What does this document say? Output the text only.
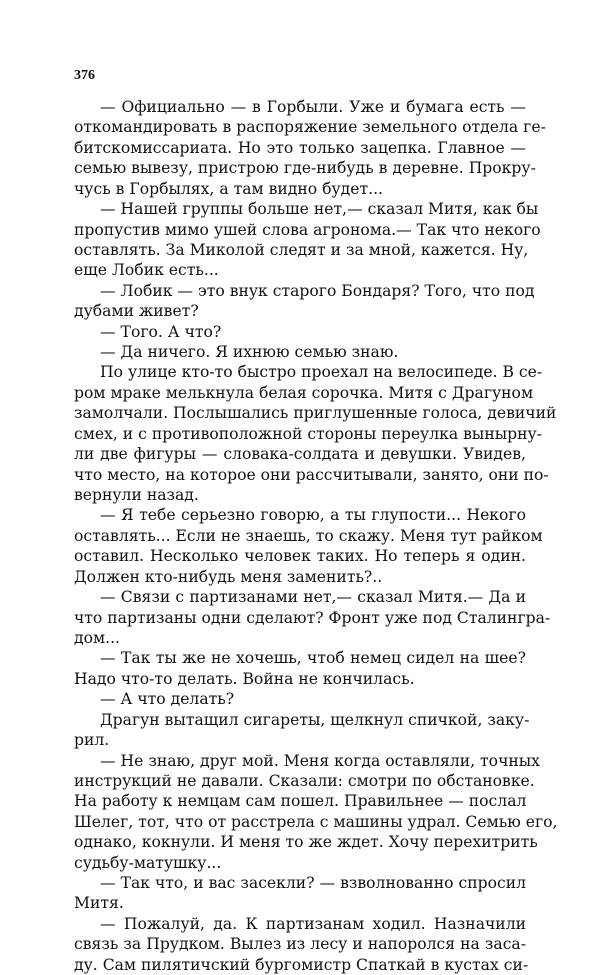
376
— Официально — в Горбыли. Уже и бумага есть —
откомандировать в распоряжение земельного отдела ге-
битскомиссариата. Но это только зацепка. Главное —
семью вывезу, пристрою где-нибудь в деревне. Прокру-
чусь в Горбылях, а там видно будет...
— Нашей группы больше нет,— сказал Митя, как бы
пропустив мимо ушей слова агронома.— Так что некого
оставлять. За Миколой следят и за мной, кажется. Ну,
еще Лобик есть...
— Лобик — это внук старого Бондаря? Того, что под
дубами живет?
— Того. А что?
— Да ничего. Я ихнюю семью знаю.
По улице кто-то быстро проехал на велосипеде. В се-
ром мраке мелькнула белая сорочка. Митя с Драгуном
замолчали. Послышались приглушенные голоса, девичий
смех, и с противоположной стороны переулка вынырну-
ли две фигуры — словака-солдата и девушки. Увидев,
что место, на которое они рассчитывали, занято, они по-
вернули назад.
— Я тебе серьезно говорю, а ты глупости... Некого
оставлять... Если не знаешь, то скажу. Меня тут райком
оставил. Несколько человек таких. Но теперь я один.
Должен кто-нибудь меня заменить?..
— Связи с партизанами нет,— сказал Митя.— Да и
что партизаны одни сделают? Фронт уже под Сталингра-
дом...
— Так ты же не хочешь, чтоб немец сидел на шее?
Надо что-то делать. Война не кончилась.
— А что делать?
Драгун вытащил сигареты, щелкнул спичкой, заку-
рил.
— Не знаю, друг мой. Меня когда оставляли, точных
инструкций не давали. Сказали: смотри по обстановке.
На работу к немцам сам пошел. Правильнее — послал
Шелег, тот, что от расстрела с машины удрал. Семью его,
однако, кокнули. И меня то же ждет. Хочу перехитрить
судьбу-матушку...
— Так что, и вас засекли? — взволнованно спросил
Митя.
— Пожалуй, да. К партизанам ходил. Назначили
связь за Прудком. Вылез из лесу и напоролся на заса-
ду. Сам пилятичский бургомистр Спаткай в кустах си-
